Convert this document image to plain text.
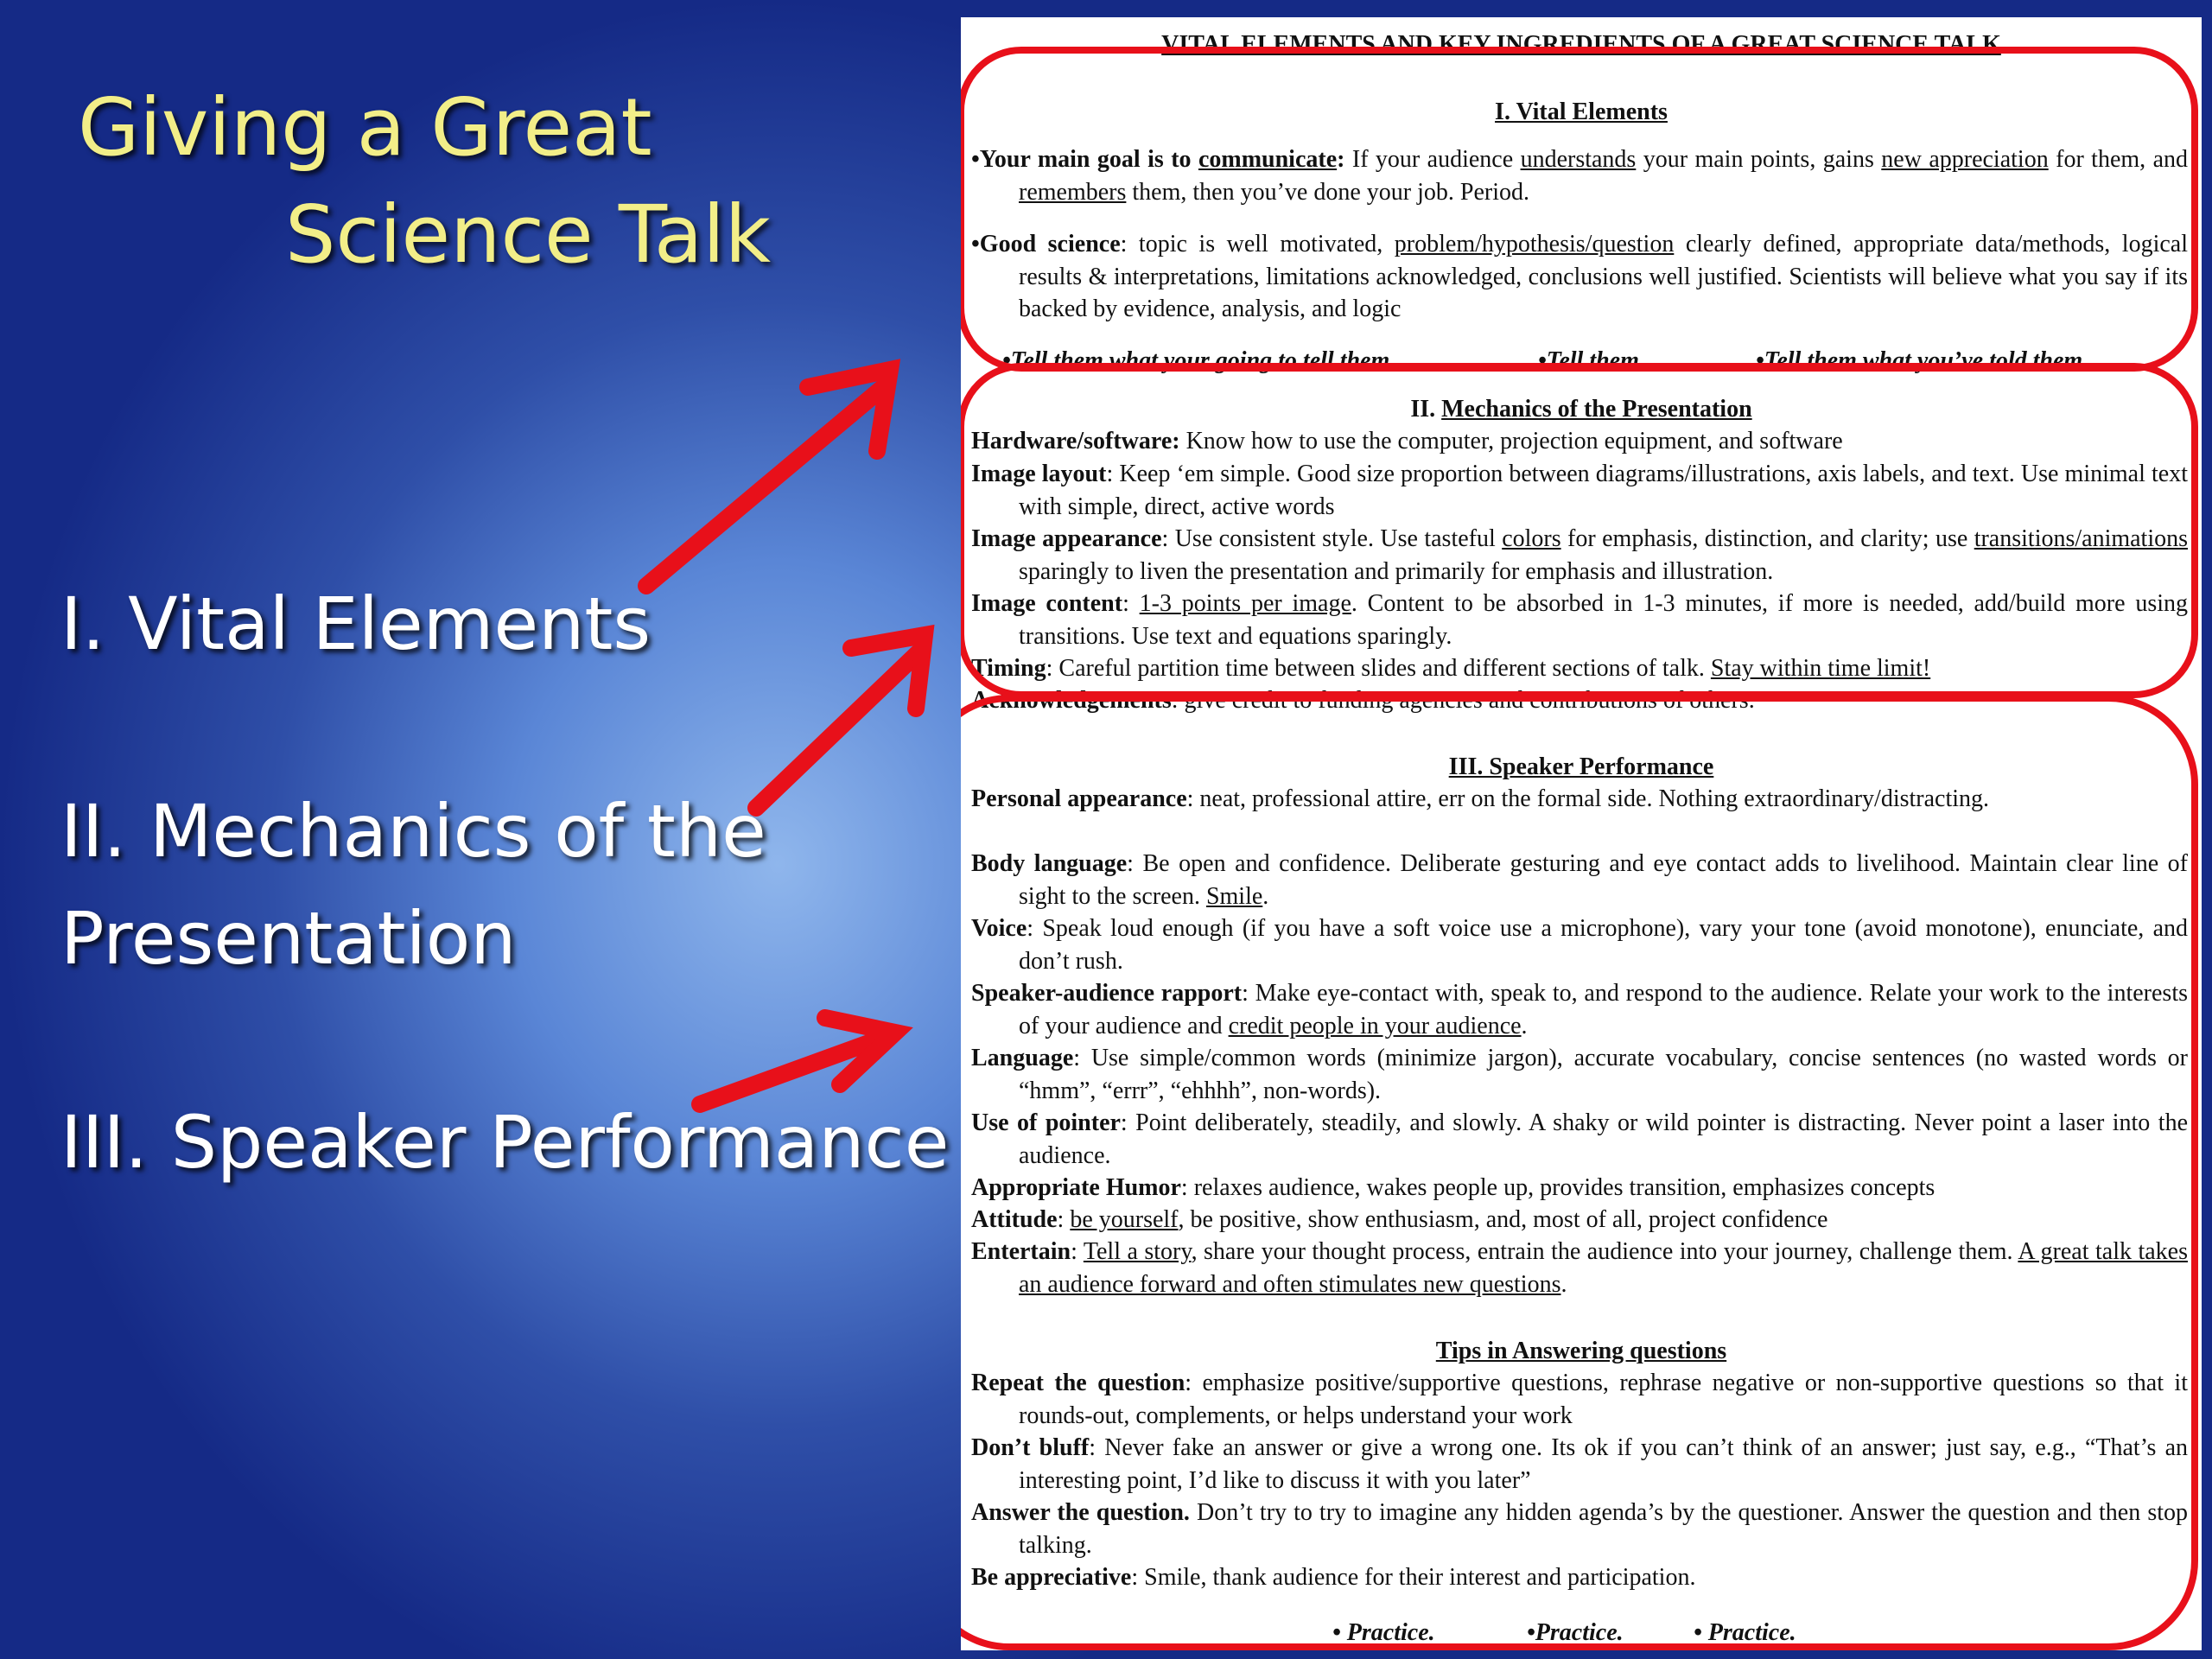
Giving a Great
Science Talk
I. Vital Elements
II. Mechanics of the
Presentation
III. Speaker Performance
VITAL ELEMENTS AND KEY INGREDIENTS OF A GREAT SCIENCE TALK
I. Vital Elements
•Your main goal is to communicate: If your audience understands your main points, gains new appreciation for them, and remembers them, then you’ve done your job. Period.
•Good science: topic is well motivated, problem/hypothesis/question clearly defined, appropriate data/methods, logical results & interpretations, limitations acknowledged, conclusions well justified. Scientists will believe what you say if its backed by evidence, analysis, and logic
•Tell them what your going to tell them.	•Tell them	•Tell them what you’ve told them
II. Mechanics of the Presentation
Hardware/software: Know how to use the computer, projection equipment, and software
Image layout: Keep ‘em simple. Good size proportion between diagrams/illustrations, axis labels, and text. Use minimal text with simple, direct, active words
Image appearance: Use consistent style. Use tasteful colors for emphasis, distinction, and clarity; use transitions/animations sparingly to liven the presentation and primarily for emphasis and illustration.
Image content: 1-3 points per image. Content to be absorbed in 1-3 minutes, if more is needed, add/build more using transitions. Use text and equations sparingly.
Timing: Careful partition time between slides and different sections of talk. Stay within time limit!
Acknowledgements: give credit to funding agencies and contributions of others.
III. Speaker Performance
Personal appearance: neat, professional attire, err on the formal side. Nothing extraordinary/distracting.
Body language: Be open and confidence. Deliberate gesturing and eye contact adds to livelihood. Maintain clear line of sight to the screen. Smile.
Voice: Speak loud enough (if you have a soft voice use a microphone), vary your tone (avoid monotone), enunciate, and don’t rush.
Speaker-audience rapport: Make eye-contact with, speak to, and respond to the audience. Relate your work to the interests of your audience and credit people in your audience.
Language: Use simple/common words (minimize jargon), accurate vocabulary, concise sentences (no wasted words or “hmm”, “errr”, “ehhhh”, non-words).
Use of pointer: Point deliberately, steadily, and slowly. A shaky or wild pointer is distracting. Never point a laser into the audience.
Appropriate Humor: relaxes audience, wakes people up, provides transition, emphasizes concepts
Attitude: be yourself, be positive, show enthusiasm, and, most of all, project confidence
Entertain: Tell a story, share your thought process, entrain the audience into your journey, challenge them. A great talk takes an audience forward and often stimulates new questions.
Tips in Answering questions
Repeat the question: emphasize positive/supportive questions, rephrase negative or non-supportive questions so that it rounds-out, complements, or helps understand your work
Don’t bluff: Never fake an answer or give a wrong one. Its ok if you can’t think of an answer; just say, e.g., “That’s an interesting point, I’d like to discuss it with you later”
Answer the question. Don’t try to try to imagine any hidden agenda’s by the questioner. Answer the question and then stop talking.
Be appreciative: Smile, thank audience for their interest and participation.
• Practice.	•Practice.	• Practice.
